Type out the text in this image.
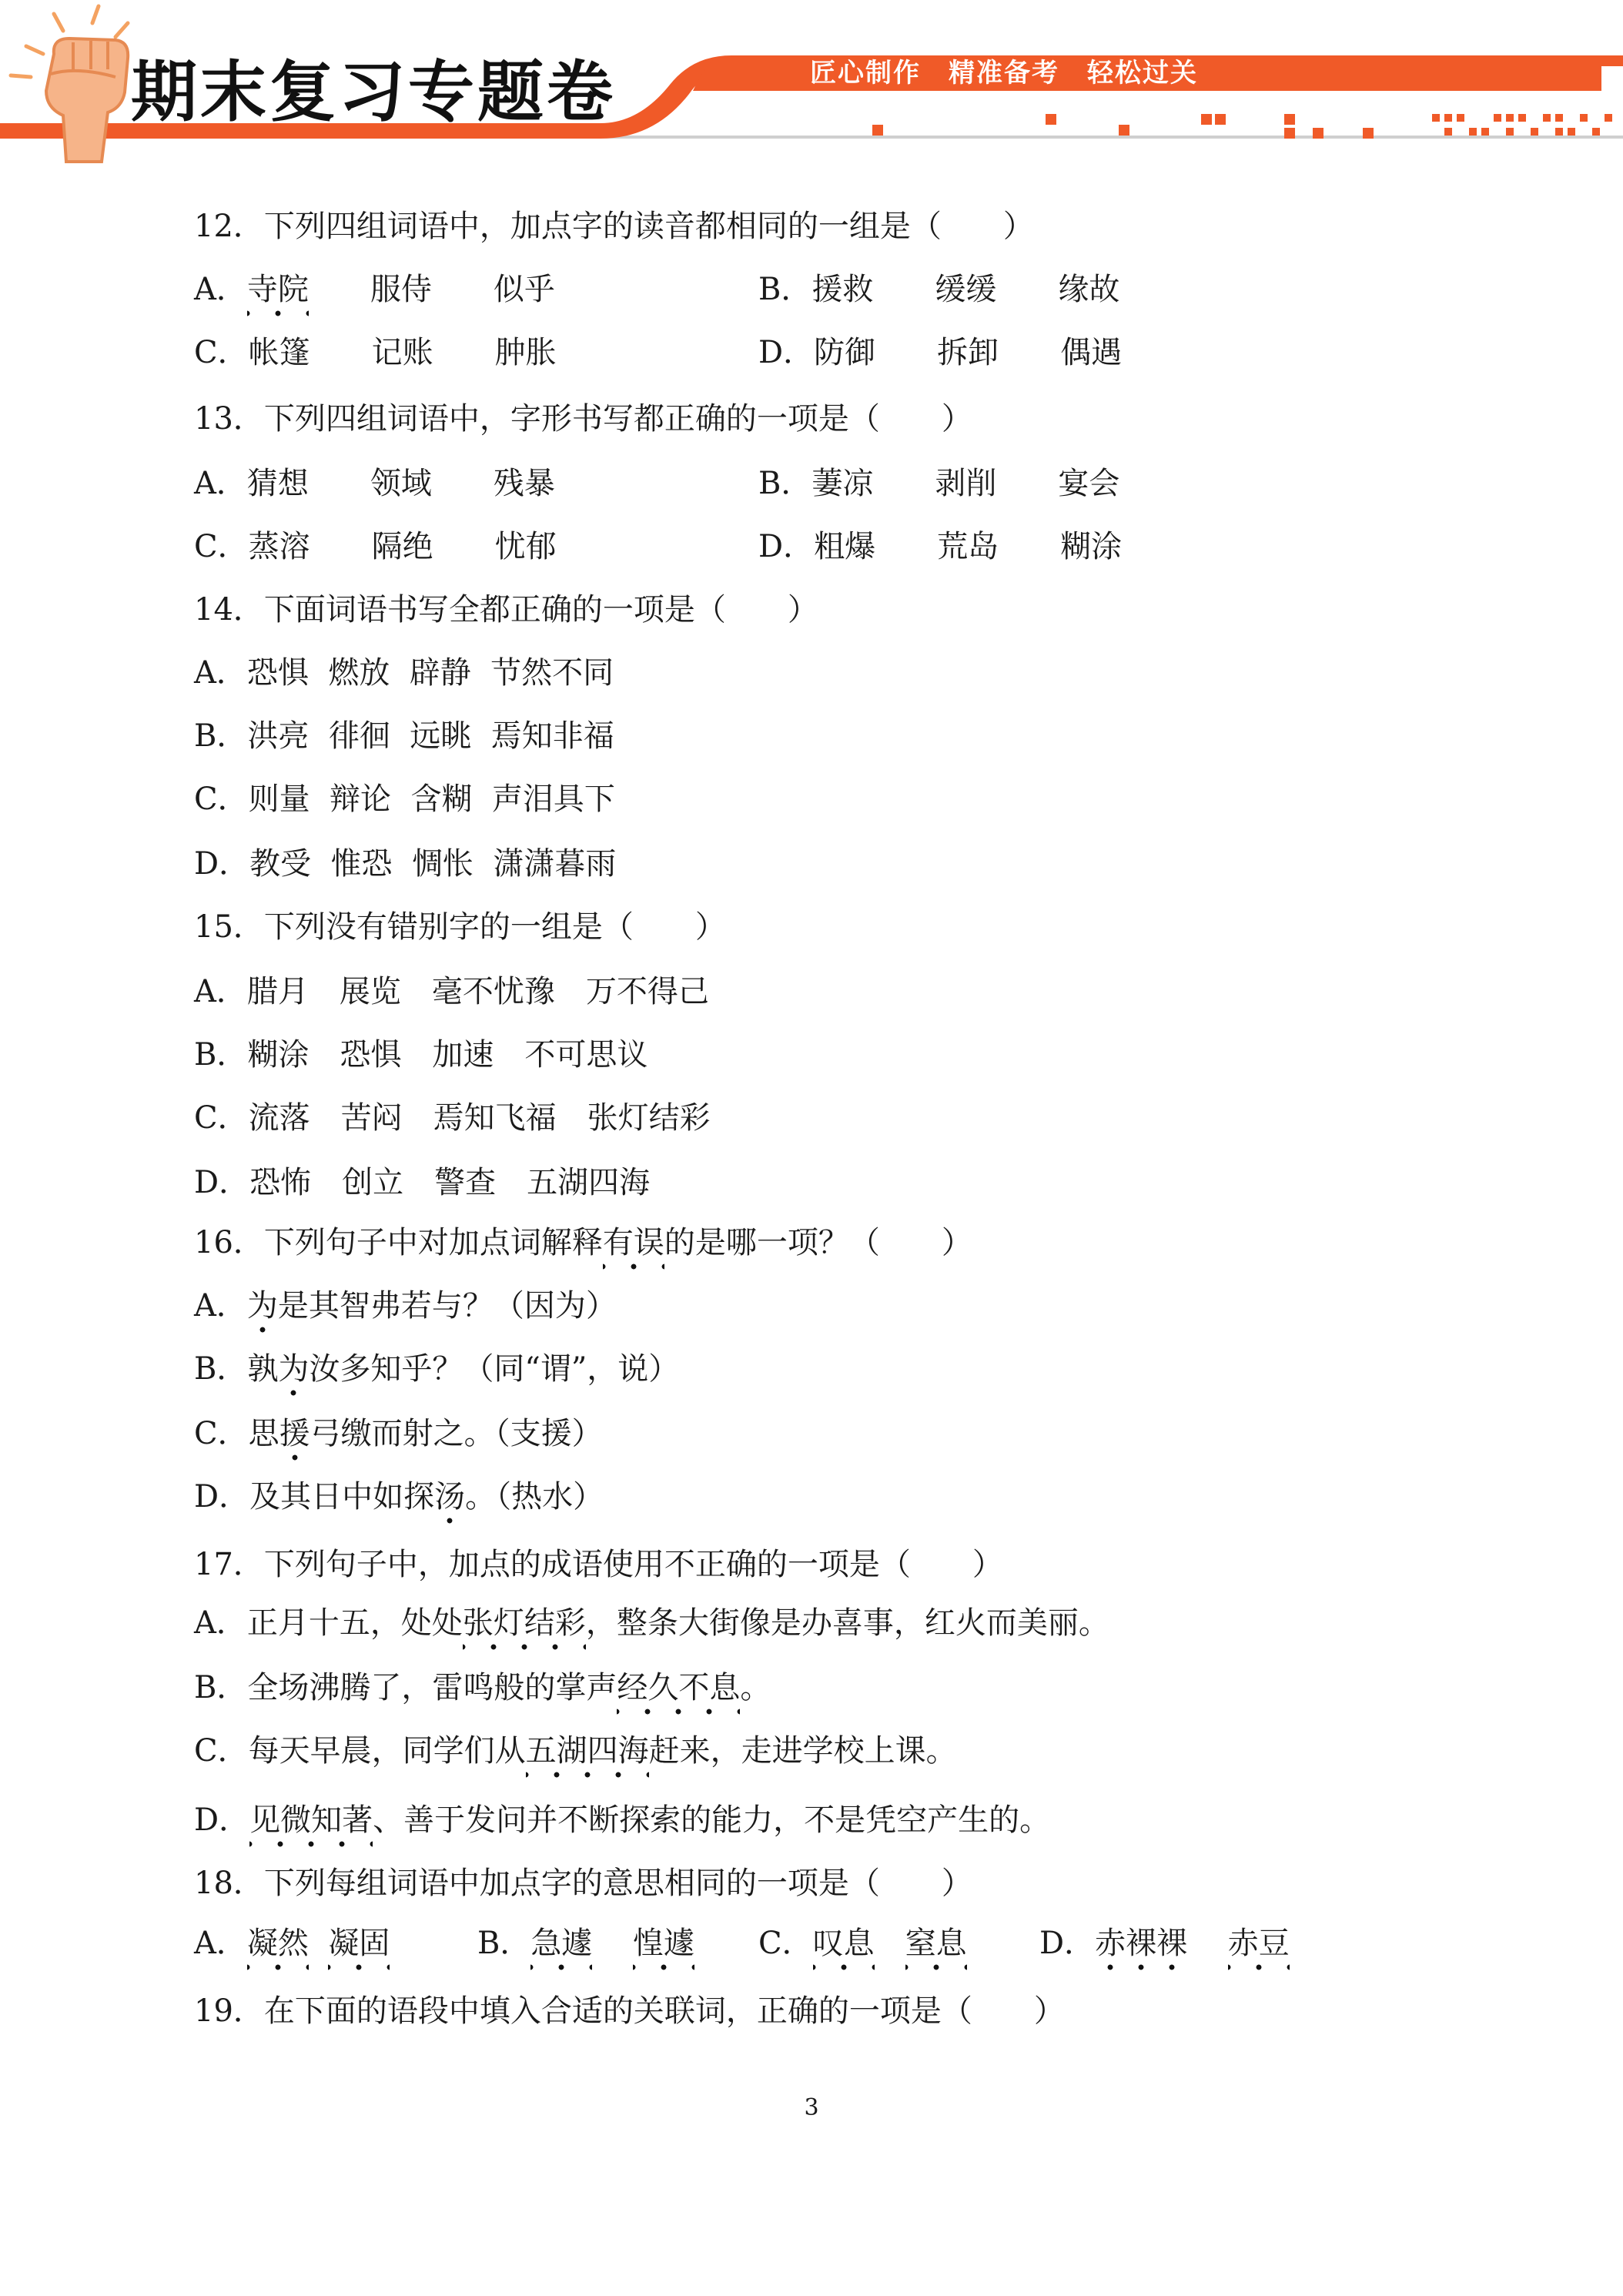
期末复习专题卷	匠心制作　精准备考　轻松过关
12．下列四组词语中，加点字的读音都相同的一组是（　　）
A．寺院　　 服侍　　 似乎	B．援救　　 缓缓　　 缘故
C．帐篷　　 记账　　 肿胀	D．防御　　 拆卸　　 偶遇
13．下列四组词语中，字形书写都正确的一项是（　　）
A．猜想　　 领域　　 残暴	B．萋凉　　 剥削　　 宴会
C．蒸溶　　 隔绝　　 忧郁	D．粗爆　　 荒岛　　 糊涂
14．下面词语书写全都正确的一项是（　　）
A．恐惧  燃放  辟静  节然不同
B．洪亮  徘徊  远眺  焉知非福
C．则量  辩论  含糊  声泪具下
D．教受  惟恐  惆怅  潇潇暮雨
15．下列没有错别字的一组是（　　）
A．腊月　展览　毫不忧豫　万不得己
B．糊涂　恐惧　加速　不可思议
C．流落　苦闷　焉知飞福　张灯结彩
D．恐怖　创立　警查　五湖四海
16．下列句子中对加点词解释有误的是哪一项？（　　）
A．为是其智弗若与？（因为）
B．孰为汝多知乎？（同“谓”，说）
C．思援弓缴而射之。（支援）
D．及其日中如探汤。（热水）
17．下列句子中，加点的成语使用不正确的一项是（　　）
A．正月十五，处处张灯结彩，整条大街像是办喜事，红火而美丽。
B．全场沸腾了，雷鸣般的掌声经久不息。
C．每天早晨，同学们从五湖四海赶来，走进学校上课。
D．见微知著、善于发问并不断探索的能力，不是凭空产生的。
18．下列每组词语中加点字的意思相同的一项是（　　）
A．凝然 凝固	B．急遽　 惶遽 C．叹息　 窒息 D．赤裸裸　 赤豆
19．在下面的语段中填入合适的关联词，正确的一项是（　　）
3
